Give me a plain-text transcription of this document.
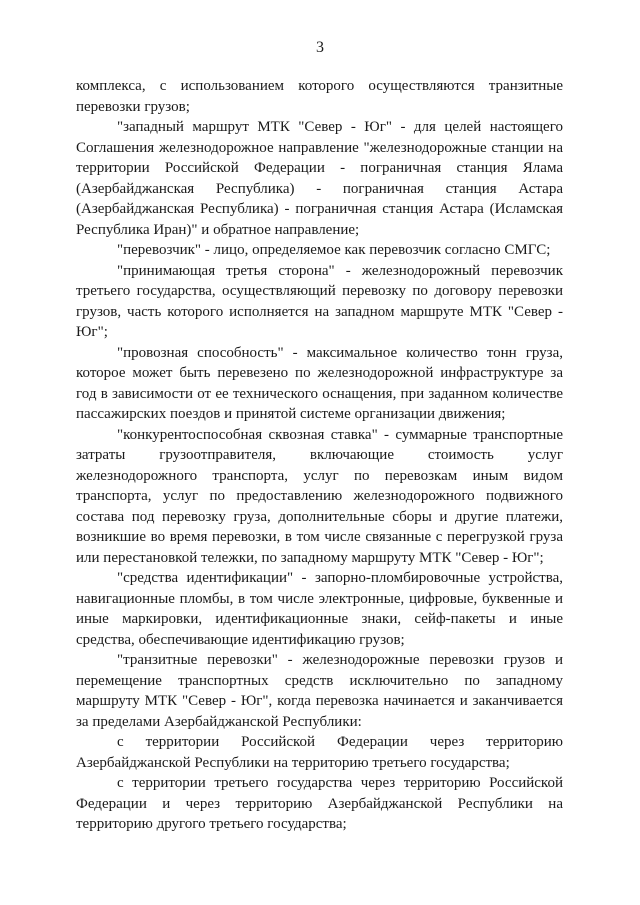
3

комплекса, с использованием которого осуществляются транзитные перевозки грузов;

"западный маршрут МТК "Север - Юг" - для целей настоящего Соглашения железнодорожное направление "железнодорожные станции на территории Российской Федерации - пограничная станция Ялама (Азербайджанская Республика) - пограничная станция Астара (Азербайджанская Республика) - пограничная станция Астара (Исламская Республика Иран)" и обратное направление;

"перевозчик" - лицо, определяемое как перевозчик согласно СМГС;

"принимающая третья сторона" - железнодорожный перевозчик третьего государства, осуществляющий перевозку по договору перевозки грузов, часть которого исполняется на западном маршруте МТК "Север - Юг";

"провозная способность" - максимальное количество тонн груза, которое может быть перевезено по железнодорожной инфраструктуре за год в зависимости от ее технического оснащения, при заданном количестве пассажирских поездов и принятой системе организации движения;

"конкурентоспособная сквозная ставка" - суммарные транспортные затраты грузоотправителя, включающие стоимость услуг железнодорожного транспорта, услуг по перевозкам иным видом транспорта, услуг по предоставлению железнодорожного подвижного состава под перевозку груза, дополнительные сборы и другие платежи, возникшие во время перевозки, в том числе связанные с перегрузкой груза или перестановкой тележки, по западному маршруту МТК "Север - Юг";

"средства идентификации" - запорно-пломбировочные устройства, навигационные пломбы, в том числе электронные, цифровые, буквенные и иные маркировки, идентификационные знаки, сейф-пакеты и иные средства, обеспечивающие идентификацию грузов;

"транзитные перевозки" - железнодорожные перевозки грузов и перемещение транспортных средств исключительно по западному маршруту МТК "Север - Юг", когда перевозка начинается и заканчивается за пределами Азербайджанской Республики:

с территории Российской Федерации через территорию Азербайджанской Республики на территорию третьего государства;

с территории третьего государства через территорию Российской Федерации и через территорию Азербайджанской Республики на территорию другого третьего государства;
